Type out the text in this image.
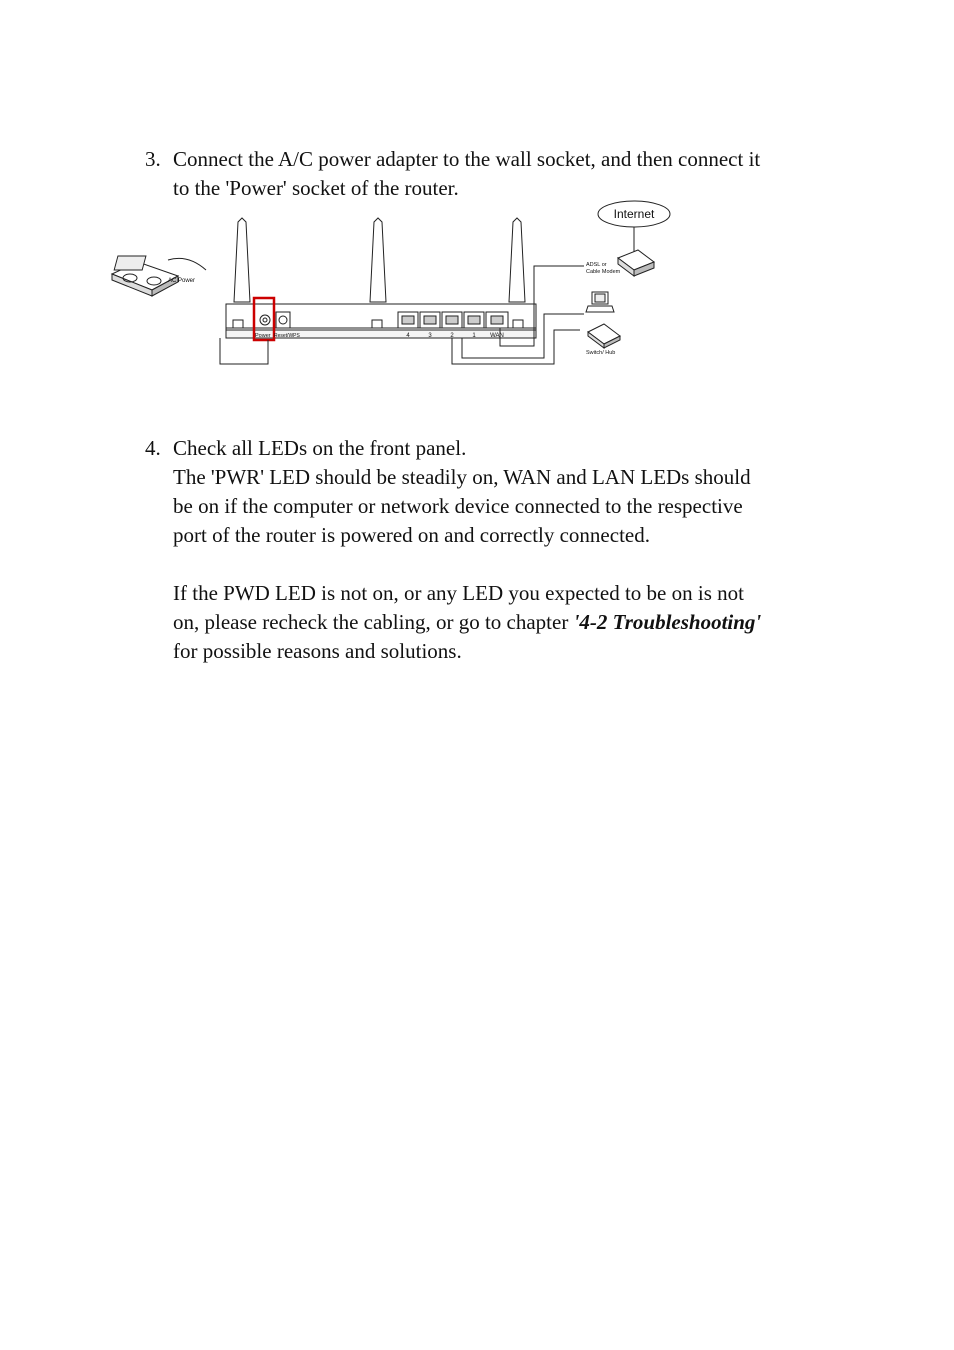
3. Connect the A/C power adapter to the wall socket, and then connect it

to the 'Power' socket of the router.

Internet
ADSL or
Cable Modem
AC Power
Power Reset/WPS	4	3	2	1 WAN
Switch/ Hub
4. Check all LEDs on the front panel.

The 'PWR' LED should be steadily on, WAN and LAN LEDs should

be on if the computer or network device connected to the respective

port of the router is powered on and correctly connected.

If the PWD LED is not on, or any LED you expected to be on is not

on, please recheck the cabling, or go to chapter '4-2 Troubleshooting'

for possible reasons and solutions.
